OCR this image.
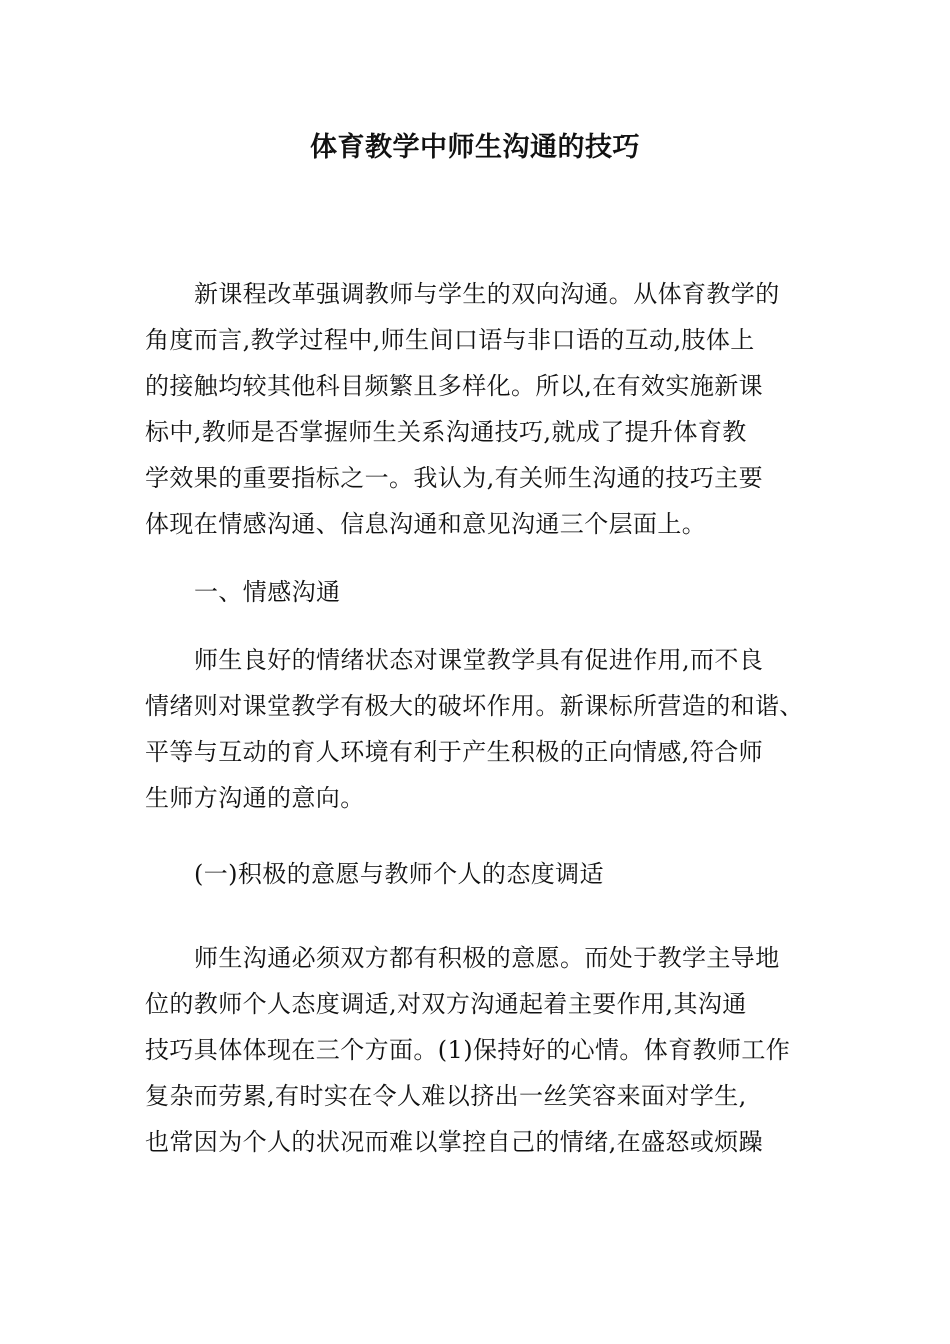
体育教学中师生沟通的技巧
新课程改革强调教师与学生的双向沟通。从体育教学的
角度而言,教学过程中,师生间口语与非口语的互动,肢体上
的接触均较其他科目频繁且多样化。所以,在有效实施新课
标中,教师是否掌握师生关系沟通技巧,就成了提升体育教
学效果的重要指标之一。我认为,有关师生沟通的技巧主要
体现在情感沟通、信息沟通和意见沟通三个层面上。
一、情感沟通
师生良好的情绪状态对课堂教学具有促进作用,而不良
情绪则对课堂教学有极大的破坏作用。新课标所营造的和谐、
平等与互动的育人环境有利于产生积极的正向情感,符合师
生师方沟通的意向。
(一)积极的意愿与教师个人的态度调适
师生沟通必须双方都有积极的意愿。而处于教学主导地
位的教师个人态度调适,对双方沟通起着主要作用,其沟通
技巧具体体现在三个方面。(1)保持好的心情。体育教师工作
复杂而劳累,有时实在令人难以挤出一丝笑容来面对学生,
也常因为个人的状况而难以掌控自己的情绪,在盛怒或烦躁
